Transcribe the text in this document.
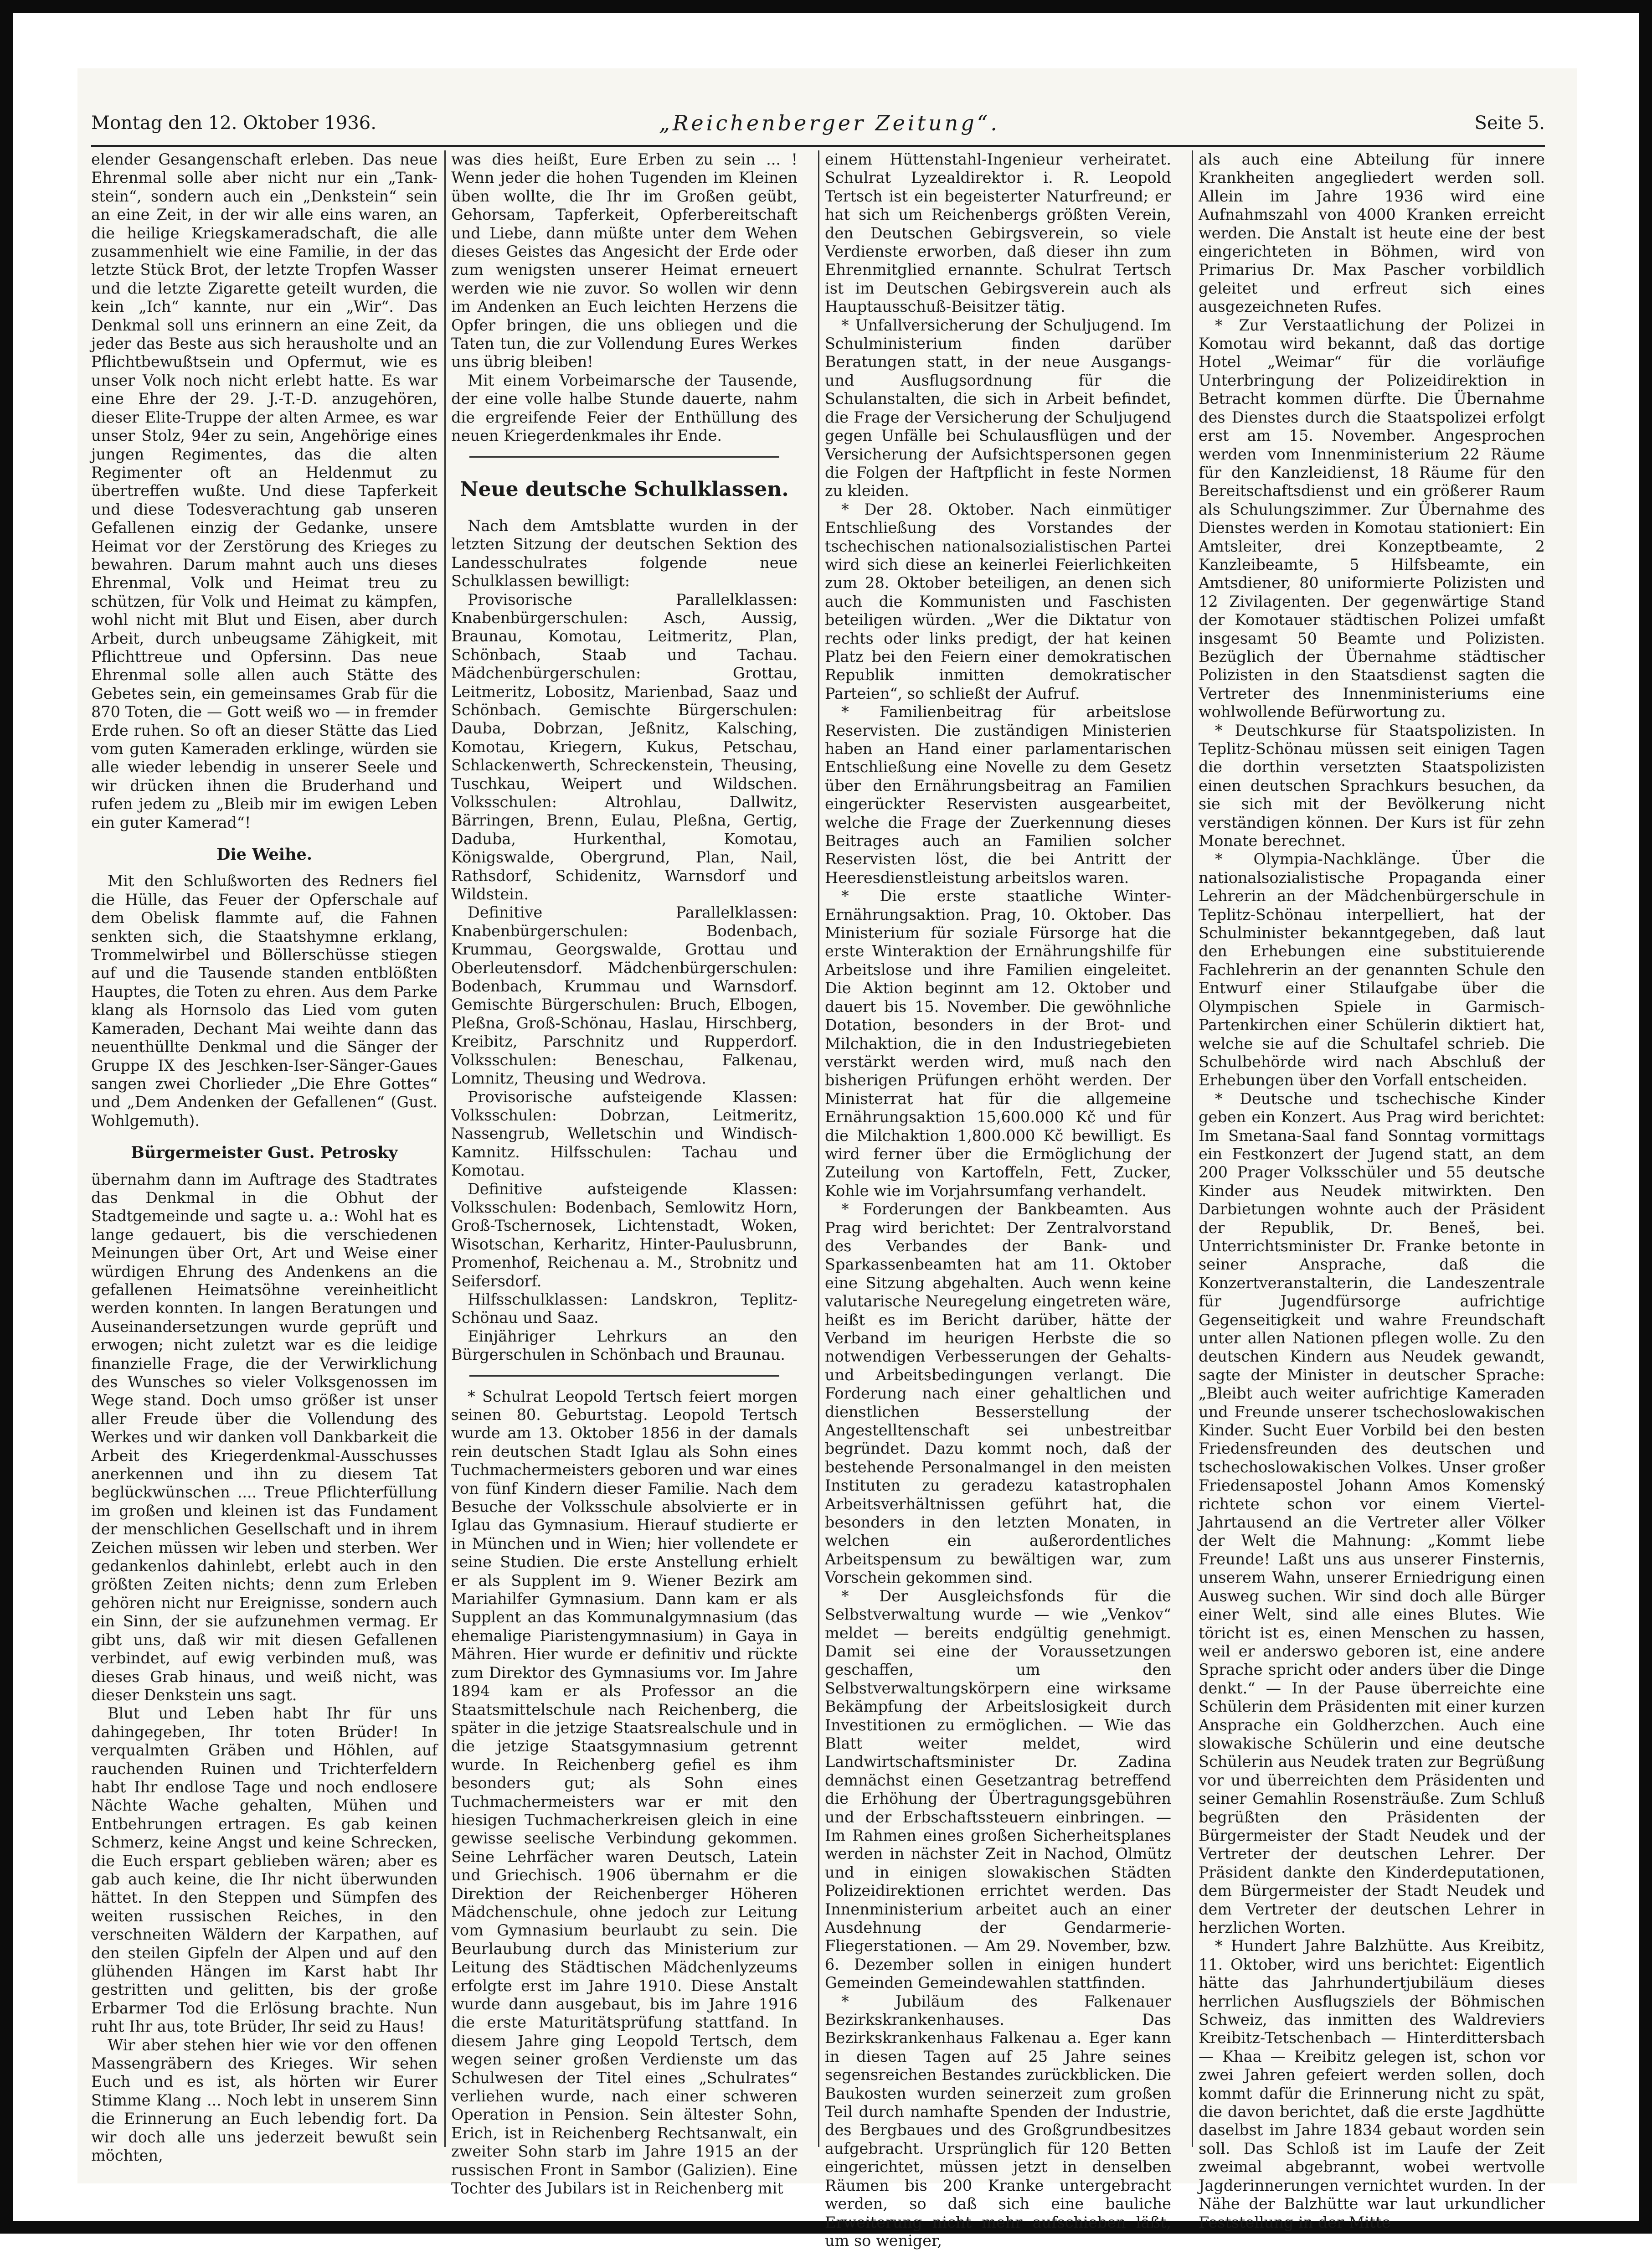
Montag den 12. Oktober 1936.	„Reichenberger Zeitung“.	Seite 5.

elender Gesangenschaft erleben. Das neue Ehrenmal solle aber nicht nur ein „Tank-stein“, sondern auch ein „Denkstein“ sein an eine Zeit, in der wir alle eins waren, an die heilige Kriegskameradschaft, die alle zusammenhielt wie eine Familie, in der das letzte Stück Brot, der letzte Tropfen Wasser und die letzte Zigarette geteilt wurden, die kein „Ich“ kannte, nur ein „Wir“. Das Denkmal soll uns erinnern an eine Zeit, da jeder das Beste aus sich herausholte und an Pflichtbewußtsein und Opfermut, wie es unser Volk noch nicht erlebt hatte. Es war eine Ehre der 29. J.-T.-D. anzugehören, dieser Elite-Truppe der alten Armee, es war unser Stolz, 94er zu sein, Angehörige eines jungen Regimentes, das die alten Regimenter oft an Heldenmut zu übertreffen wußte. Und diese Tapferkeit und diese Todesverachtung gab unseren Gefallenen einzig der Gedanke, unsere Heimat vor der Zerstörung des Krieges zu bewahren. Darum mahnt auch uns dieses Ehrenmal, Volk und Heimat treu zu schützen, für Volk und Heimat zu kämpfen, wohl nicht mit Blut und Eisen, aber durch Arbeit, durch unbeugsame Zähigkeit, mit Pflichttreue und Opfersinn. Das neue Ehrenmal solle allen auch Stätte des Gebetes sein, ein gemeinsames Grab für die 870 Toten, die — Gott weiß wo — in fremder Erde ruhen. So oft an dieser Stätte das Lied vom guten Kameraden erklinge, würden sie alle wieder lebendig in unserer Seele und wir drücken ihnen die Bruderhand und rufen jedem zu „Bleib mir im ewigen Leben ein guter Kamerad“!

Die Weihe.

Mit den Schlußworten des Redners fiel die Hülle, das Feuer der Opferschale auf dem Obelisk flammte auf, die Fahnen senkten sich, die Staatshymne erklang, Trommelwirbel und Böllerschüsse stiegen auf und die Tausende standen entblößten Hauptes, die Toten zu ehren. Aus dem Parke klang als Hornsolo das Lied vom guten Kameraden, Dechant Mai weihte dann das neuenthüllte Denkmal und die Sänger der Gruppe IX des Jeschken-Iser-Sänger-Gaues sangen zwei Chorlieder „Die Ehre Gottes“ und „Dem Andenken der Gefallenen“ (Gust. Wohlgemuth).

Bürgermeister Gust. Petrosky

übernahm dann im Auftrage des Stadtrates das Denkmal in die Obhut der Stadtgemeinde und sagte u. a.: Wohl hat es lange gedauert, bis die verschiedenen Meinungen über Ort, Art und Weise einer würdigen Ehrung des Andenkens an die gefallenen Heimatsöhne vereinheitlicht werden konnten. In langen Beratungen und Auseinandersetzungen wurde geprüft und erwogen; nicht zuletzt war es die leidige finanzielle Frage, die der Verwirklichung des Wunsches so vieler Volksgenossen im Wege stand. Doch umso größer ist unser aller Freude über die Vollendung des Werkes und wir danken voll Dankbarkeit die Arbeit des Kriegerdenkmal-Ausschusses anerkennen und ihn zu diesem Tat beglückwünschen .... Treue Pflichterfüllung im großen und kleinen ist das Fundament der menschlichen Gesellschaft und in ihrem Zeichen müssen wir leben und sterben. Wer gedankenlos dahinlebt, erlebt auch in den größten Zeiten nichts; denn zum Erleben gehören nicht nur Ereignisse, sondern auch ein Sinn, der sie aufzunehmen vermag. Er gibt uns, daß wir mit diesen Gefallenen verbindet, auf ewig verbinden muß, was dieses Grab hinaus, und weiß nicht, was dieser Denkstein uns sagt.

Blut und Leben habt Ihr für uns dahingegeben, Ihr toten Brüder! In verqualmten Gräben und Höhlen, auf rauchenden Ruinen und Trichterfeldern habt Ihr endlose Tage und noch endlosere Nächte Wache gehalten, Mühen und Entbehrungen ertragen. Es gab keinen Schmerz, keine Angst und keine Schrecken, die Euch erspart geblieben wären; aber es gab auch keine, die Ihr nicht überwunden hättet. In den Steppen und Sümpfen des weiten russischen Reiches, in den verschneiten Wäldern der Karpathen, auf den steilen Gipfeln der Alpen und auf den glühenden Hängen im Karst habt Ihr gestritten und gelitten, bis der große Erbarmer Tod die Erlösung brachte. Nun ruht Ihr aus, tote Brüder, Ihr seid zu Haus!

Wir aber stehen hier wie vor den offenen Massengräbern des Krieges. Wir sehen Euch und es ist, als hörten wir Eurer Stimme Klang ... Noch lebt in unserem Sinn die Erinnerung an Euch lebendig fort. Da wir doch alle uns jederzeit bewußt sein möchten,

was dies heißt, Eure Erben zu sein ... ! Wenn jeder die hohen Tugenden im Kleinen üben wollte, die Ihr im Großen geübt, Gehorsam, Tapferkeit, Opferbereitschaft und Liebe, dann müßte unter dem Wehen dieses Geistes das Angesicht der Erde oder zum wenigsten unserer Heimat erneuert werden wie nie zuvor. So wollen wir denn im Andenken an Euch leichten Herzens die Opfer bringen, die uns obliegen und die Taten tun, die zur Vollendung Eures Werkes uns übrig bleiben!

Mit einem Vorbeimarsche der Tausende, der eine volle halbe Stunde dauerte, nahm die ergreifende Feier der Enthüllung des neuen Kriegerdenkmales ihr Ende.

Neue deutsche Schulklassen.

Nach dem Amtsblatte wurden in der letzten Sitzung der deutschen Sektion des Landesschulrates folgende neue Schulklassen bewilligt:

Provisorische Parallelklassen: Knabenbürgerschulen: Asch, Aussig, Braunau, Komotau, Leitmeritz, Plan, Schönbach, Staab und Tachau. Mädchenbürgerschulen: Grottau, Leitmeritz, Lobositz, Marienbad, Saaz und Schönbach. Gemischte Bürgerschulen: Dauba, Dobrzan, Jeßnitz, Kalsching, Komotau, Kriegern, Kukus, Petschau, Schlackenwerth, Schreckenstein, Theusing, Tuschkau, Weipert und Wildschen. Volksschulen: Altrohlau, Dallwitz, Bärringen, Brenn, Eulau, Pleßna, Gertig, Daduba, Hurkenthal, Komotau, Königswalde, Obergrund, Plan, Nail, Rathsdorf, Schidenitz, Warnsdorf und Wildstein.

Definitive Parallelklassen: Knabenbürgerschulen: Bodenbach, Krummau, Georgswalde, Grottau und Oberleutensdorf. Mädchenbürgerschulen: Bodenbach, Krummau und Warnsdorf. Gemischte Bürgerschulen: Bruch, Elbogen, Pleßna, Groß-Schönau, Haslau, Hirschberg, Kreibitz, Parschnitz und Rupperdorf. Volksschulen: Beneschau, Falkenau, Lomnitz, Theusing und Wedrova.

Provisorische aufsteigende Klassen: Volksschulen: Dobrzan, Leitmeritz, Nassengrub, Welletschin und Windisch-Kamnitz. Hilfsschulen: Tachau und Komotau.

Definitive aufsteigende Klassen: Volksschulen: Bodenbach, Semlowitz Horn, Groß-Tschernosek, Lichtenstadt, Woken, Wisotschan, Kerharitz, Hinter-Paulusbrunn, Promenhof, Reichenau a. M., Strobnitz und Seifersdorf.

Hilfsschulklassen: Landskron, Teplitz-Schönau und Saaz.

Einjähriger Lehrkurs an den Bürgerschulen in Schönbach und Braunau.

* Schulrat Leopold Tertsch feiert morgen seinen 80. Geburtstag. Leopold Tertsch wurde am 13. Oktober 1856 in der damals rein deutschen Stadt Iglau als Sohn eines Tuchmachermeisters geboren und war eines von fünf Kindern dieser Familie. Nach dem Besuche der Volksschule absolvierte er in Iglau das Gymnasium. Hierauf studierte er in München und in Wien; hier vollendete er seine Studien. Die erste Anstellung erhielt er als Supplent im 9. Wiener Bezirk am Mariahilfer Gymnasium. Dann kam er als Supplent an das Kommunalgymnasium (das ehemalige Piaristengymnasium) in Gaya in Mähren. Hier wurde er definitiv und rückte zum Direktor des Gymnasiums vor. Im Jahre 1894 kam er als Professor an die Staatsmittelschule nach Reichenberg, die später in die jetzige Staatsrealschule und in die jetzige Staatsgymnasium getrennt wurde. In Reichenberg gefiel es ihm besonders gut; als Sohn eines Tuchmachermeisters war er mit den hiesigen Tuchmacherkreisen gleich in eine gewisse seelische Verbindung gekommen. Seine Lehrfächer waren Deutsch, Latein und Griechisch. 1906 übernahm er die Direktion der Reichenberger Höheren Mädchenschule, ohne jedoch zur Leitung vom Gymnasium beurlaubt zu sein. Die Beurlaubung durch das Ministerium zur Leitung des Städtischen Mädchenlyzeums erfolgte erst im Jahre 1910. Diese Anstalt wurde dann ausgebaut, bis im Jahre 1916 die erste Maturitätsprüfung stattfand. In diesem Jahre ging Leopold Tertsch, dem wegen seiner großen Verdienste um das Schulwesen der Titel eines „Schulrates“ verliehen wurde, nach einer schweren Operation in Pension. Sein ältester Sohn, Erich, ist in Reichenberg Rechtsanwalt, ein zweiter Sohn starb im Jahre 1915 an der russischen Front in Sambor (Galizien). Eine Tochter des Jubilars ist in Reichenberg mit

einem Hüttenstahl-Ingenieur verheiratet. Schulrat Lyzealdirektor i. R. Leopold Tertsch ist ein begeisterter Naturfreund; er hat sich um Reichenbergs größten Verein, den Deutschen Gebirgsverein, so viele Verdienste erworben, daß dieser ihn zum Ehrenmitglied ernannte. Schulrat Tertsch ist im Deutschen Gebirgsverein auch als Hauptausschuß-Beisitzer tätig.

* Unfallversicherung der Schuljugend. Im Schulministerium finden darüber Beratungen statt, in der neue Ausgangs- und Ausflugsordnung für die Schulanstalten, die sich in Arbeit befindet, die Frage der Versicherung der Schuljugend gegen Unfälle bei Schulausflügen und der Versicherung der Aufsichtspersonen gegen die Folgen der Haftpflicht in feste Normen zu kleiden.

* Der 28. Oktober. Nach einmütiger Entschließung des Vorstandes der tschechischen nationalsozialistischen Partei wird sich diese an keinerlei Feierlichkeiten zum 28. Oktober beteiligen, an denen sich auch die Kommunisten und Faschisten beteiligen würden. „Wer die Diktatur von rechts oder links predigt, der hat keinen Platz bei den Feiern einer demokratischen Republik inmitten demokratischer Parteien“, so schließt der Aufruf.

* Familienbeitrag für arbeitslose Reservisten. Die zuständigen Ministerien haben an Hand einer parlamentarischen Entschließung eine Novelle zu dem Gesetz über den Ernährungsbeitrag an Familien eingerückter Reservisten ausgearbeitet, welche die Frage der Zuerkennung dieses Beitrages auch an Familien solcher Reservisten löst, die bei Antritt der Heeresdienstleistung arbeitslos waren.

* Die erste staatliche Winter-Ernährungsaktion. Prag, 10. Oktober. Das Ministerium für soziale Fürsorge hat die erste Winteraktion der Ernährungshilfe für Arbeitslose und ihre Familien eingeleitet. Die Aktion beginnt am 12. Oktober und dauert bis 15. November. Die gewöhnliche Dotation, besonders in der Brot- und Milchaktion, die in den Industriegebieten verstärkt werden wird, muß nach den bisherigen Prüfungen erhöht werden. Der Ministerrat hat für die allgemeine Ernährungsaktion 15,600.000 Kč und für die Milchaktion 1,800.000 Kč bewilligt. Es wird ferner über die Ermöglichung der Zuteilung von Kartoffeln, Fett, Zucker, Kohle wie im Vorjahrsumfang verhandelt.

* Forderungen der Bankbeamten. Aus Prag wird berichtet: Der Zentralvorstand des Verbandes der Bank- und Sparkassenbeamten hat am 11. Oktober eine Sitzung abgehalten. Auch wenn keine valutarische Neuregelung eingetreten wäre, heißt es im Bericht darüber, hätte der Verband im heurigen Herbste die so notwendigen Verbesserungen der Gehalts- und Arbeitsbedingungen verlangt. Die Forderung nach einer gehaltlichen und dienstlichen Besserstellung der Angestelltenschaft sei unbestreitbar begründet. Dazu kommt noch, daß der bestehende Personalmangel in den meisten Instituten zu geradezu katastrophalen Arbeitsverhältnissen geführt hat, die besonders in den letzten Monaten, in welchen ein außerordentliches Arbeitspensum zu bewältigen war, zum Vorschein gekommen sind.

* Der Ausgleichsfonds für die Selbstverwaltung wurde — wie „Venkov“ meldet — bereits endgültig genehmigt. Damit sei eine der Voraussetzungen geschaffen, um den Selbstverwaltungskörpern eine wirksame Bekämpfung der Arbeitslosigkeit durch Investitionen zu ermöglichen. — Wie das Blatt weiter meldet, wird Landwirtschaftsminister Dr. Zadina demnächst einen Gesetzantrag betreffend die Erhöhung der Übertragungsgebühren und der Erbschaftssteuern einbringen. — Im Rahmen eines großen Sicherheitsplanes werden in nächster Zeit in Nachod, Olmütz und in einigen slowakischen Städten Polizeidirektionen errichtet werden. Das Innenministerium arbeitet auch an einer Ausdehnung der Gendarmerie-Fliegerstationen. — Am 29. November, bzw. 6. Dezember sollen in einigen hundert Gemeinden Gemeindewahlen stattfinden.

* Jubiläum des Falkenauer Bezirkskrankenhauses. Das Bezirkskrankenhaus Falkenau a. Eger kann in diesen Tagen auf 25 Jahre seines segensreichen Bestandes zurückblicken. Die Baukosten wurden seinerzeit zum großen Teil durch namhafte Spenden der Industrie, des Bergbaues und des Großgrundbesitzes aufgebracht. Ursprünglich für 120 Betten eingerichtet, müssen jetzt in denselben Räumen bis 200 Kranke untergebracht werden, so daß sich eine bauliche Erweiterung nicht mehr aufschieben läßt, um so weniger,

als auch eine Abteilung für innere Krankheiten angegliedert werden soll. Allein im Jahre 1936 wird eine Aufnahmszahl von 4000 Kranken erreicht werden. Die Anstalt ist heute eine der best eingerichteten in Böhmen, wird von Primarius Dr. Max Pascher vorbildlich geleitet und erfreut sich eines ausgezeichneten Rufes.

* Zur Verstaatlichung der Polizei in Komotau wird bekannt, daß das dortige Hotel „Weimar“ für die vorläufige Unterbringung der Polizeidirektion in Betracht kommen dürfte. Die Übernahme des Dienstes durch die Staatspolizei erfolgt erst am 15. November. Angesprochen werden vom Innenministerium 22 Räume für den Kanzleidienst, 18 Räume für den Bereitschaftsdienst und ein größerer Raum als Schulungszimmer. Zur Übernahme des Dienstes werden in Komotau stationiert: Ein Amtsleiter, drei Konzeptbeamte, 2 Kanzleibeamte, 5 Hilfsbeamte, ein Amtsdiener, 80 uniformierte Polizisten und 12 Zivilagenten. Der gegenwärtige Stand der Komotauer städtischen Polizei umfaßt insgesamt 50 Beamte und Polizisten. Bezüglich der Übernahme städtischer Polizisten in den Staatsdienst sagten die Vertreter des Innenministeriums eine wohlwollende Befürwortung zu.

* Deutschkurse für Staatspolizisten. In Teplitz-Schönau müssen seit einigen Tagen die dorthin versetzten Staatspolizisten einen deutschen Sprachkurs besuchen, da sie sich mit der Bevölkerung nicht verständigen können. Der Kurs ist für zehn Monate berechnet.

* Olympia-Nachklänge. Über die nationalsozialistische Propaganda einer Lehrerin an der Mädchenbürgerschule in Teplitz-Schönau interpelliert, hat der Schulminister bekanntgegeben, daß laut den Erhebungen eine substituierende Fachlehrerin an der genannten Schule den Entwurf einer Stilaufgabe über die Olympischen Spiele in Garmisch-Partenkirchen einer Schülerin diktiert hat, welche sie auf die Schultafel schrieb. Die Schulbehörde wird nach Abschluß der Erhebungen über den Vorfall entscheiden.

* Deutsche und tschechische Kinder geben ein Konzert. Aus Prag wird berichtet: Im Smetana-Saal fand Sonntag vormittags ein Festkonzert der Jugend statt, an dem 200 Prager Volksschüler und 55 deutsche Kinder aus Neudek mitwirkten. Den Darbietungen wohnte auch der Präsident der Republik, Dr. Beneš, bei. Unterrichtsminister Dr. Franke betonte in seiner Ansprache, daß die Konzertveranstalterin, die Landeszentrale für Jugendfürsorge aufrichtige Gegenseitigkeit und wahre Freundschaft unter allen Nationen pflegen wolle. Zu den deutschen Kindern aus Neudek gewandt, sagte der Minister in deutscher Sprache: „Bleibt auch weiter aufrichtige Kameraden und Freunde unserer tschechoslowakischen Kinder. Sucht Euer Vorbild bei den besten Friedensfreunden des deutschen und tschechoslowakischen Volkes. Unser großer Friedensapostel Johann Amos Komenský richtete schon vor einem Viertel-Jahrtausend an die Vertreter aller Völker der Welt die Mahnung: „Kommt liebe Freunde! Laßt uns aus unserer Finsternis, unserem Wahn, unserer Erniedrigung einen Ausweg suchen. Wir sind doch alle Bürger einer Welt, sind alle eines Blutes. Wie töricht ist es, einen Menschen zu hassen, weil er anderswo geboren ist, eine andere Sprache spricht oder anders über die Dinge denkt.“ — In der Pause überreichte eine Schülerin dem Präsidenten mit einer kurzen Ansprache ein Goldherzchen. Auch eine slowakische Schülerin und eine deutsche Schülerin aus Neudek traten zur Begrüßung vor und überreichten dem Präsidenten und seiner Gemahlin Rosensträuße. Zum Schluß begrüßten den Präsidenten der Bürgermeister der Stadt Neudek und der Vertreter der deutschen Lehrer. Der Präsident dankte den Kinderdeputationen, dem Bürgermeister der Stadt Neudek und dem Vertreter der deutschen Lehrer in herzlichen Worten.

* Hundert Jahre Balzhütte. Aus Kreibitz, 11. Oktober, wird uns berichtet: Eigentlich hätte das Jahrhundertjubiläum dieses herrlichen Ausflugsziels der Böhmischen Schweiz, das inmitten des Waldreviers Kreibitz-Tetschenbach — Hinterdittersbach — Khaa — Kreibitz gelegen ist, schon vor zwei Jahren gefeiert werden sollen, doch kommt dafür die Erinnerung nicht zu spät, die davon berichtet, daß die erste Jagdhütte daselbst im Jahre 1834 gebaut worden sein soll. Das Schloß ist im Laufe der Zeit zweimal abgebrannt, wobei wertvolle Jagderinnerungen vernichtet wurden. In der Nähe der Balzhütte war laut urkundlicher Feststellung in der Mitte
